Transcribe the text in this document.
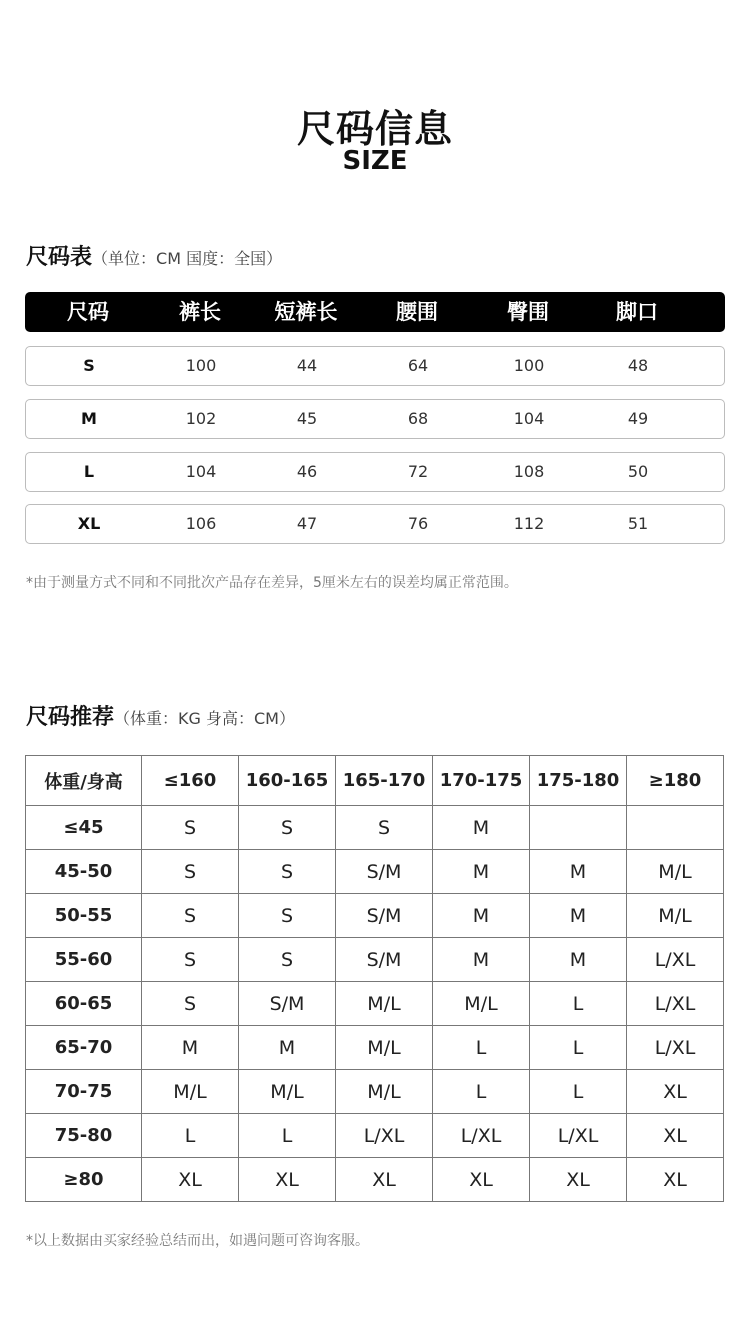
尺码信息
SIZE
尺码表（单位：CM 国度：全国）
尺码	裤长	短裤长	腰围	臀围	脚口
S	100	44	64	100	48
M	102	45	68	104	49
L	104	46	72	108	50
XL	106	47	76	112	51
*由于测量方式不同和不同批次产品存在差异，5厘米左右的误差均属正常范围。
尺码推荐（体重：KG 身高：CM）
体重/身高	≤160	160-165	165-170	170-175	175-180	≥180
≤45	S	S	S	M		
45-50	S	S	S/M	M	M	M/L
50-55	S	S	S/M	M	M	M/L
55-60	S	S	S/M	M	M	L/XL
60-65	S	S/M	M/L	M/L	L	L/XL
65-70	M	M	M/L	L	L	L/XL
70-75	M/L	M/L	M/L	L	L	XL
75-80	L	L	L/XL	L/XL	L/XL	XL
≥80	XL	XL	XL	XL	XL	XL
*以上数据由买家经验总结而出，如遇问题可咨询客服。
